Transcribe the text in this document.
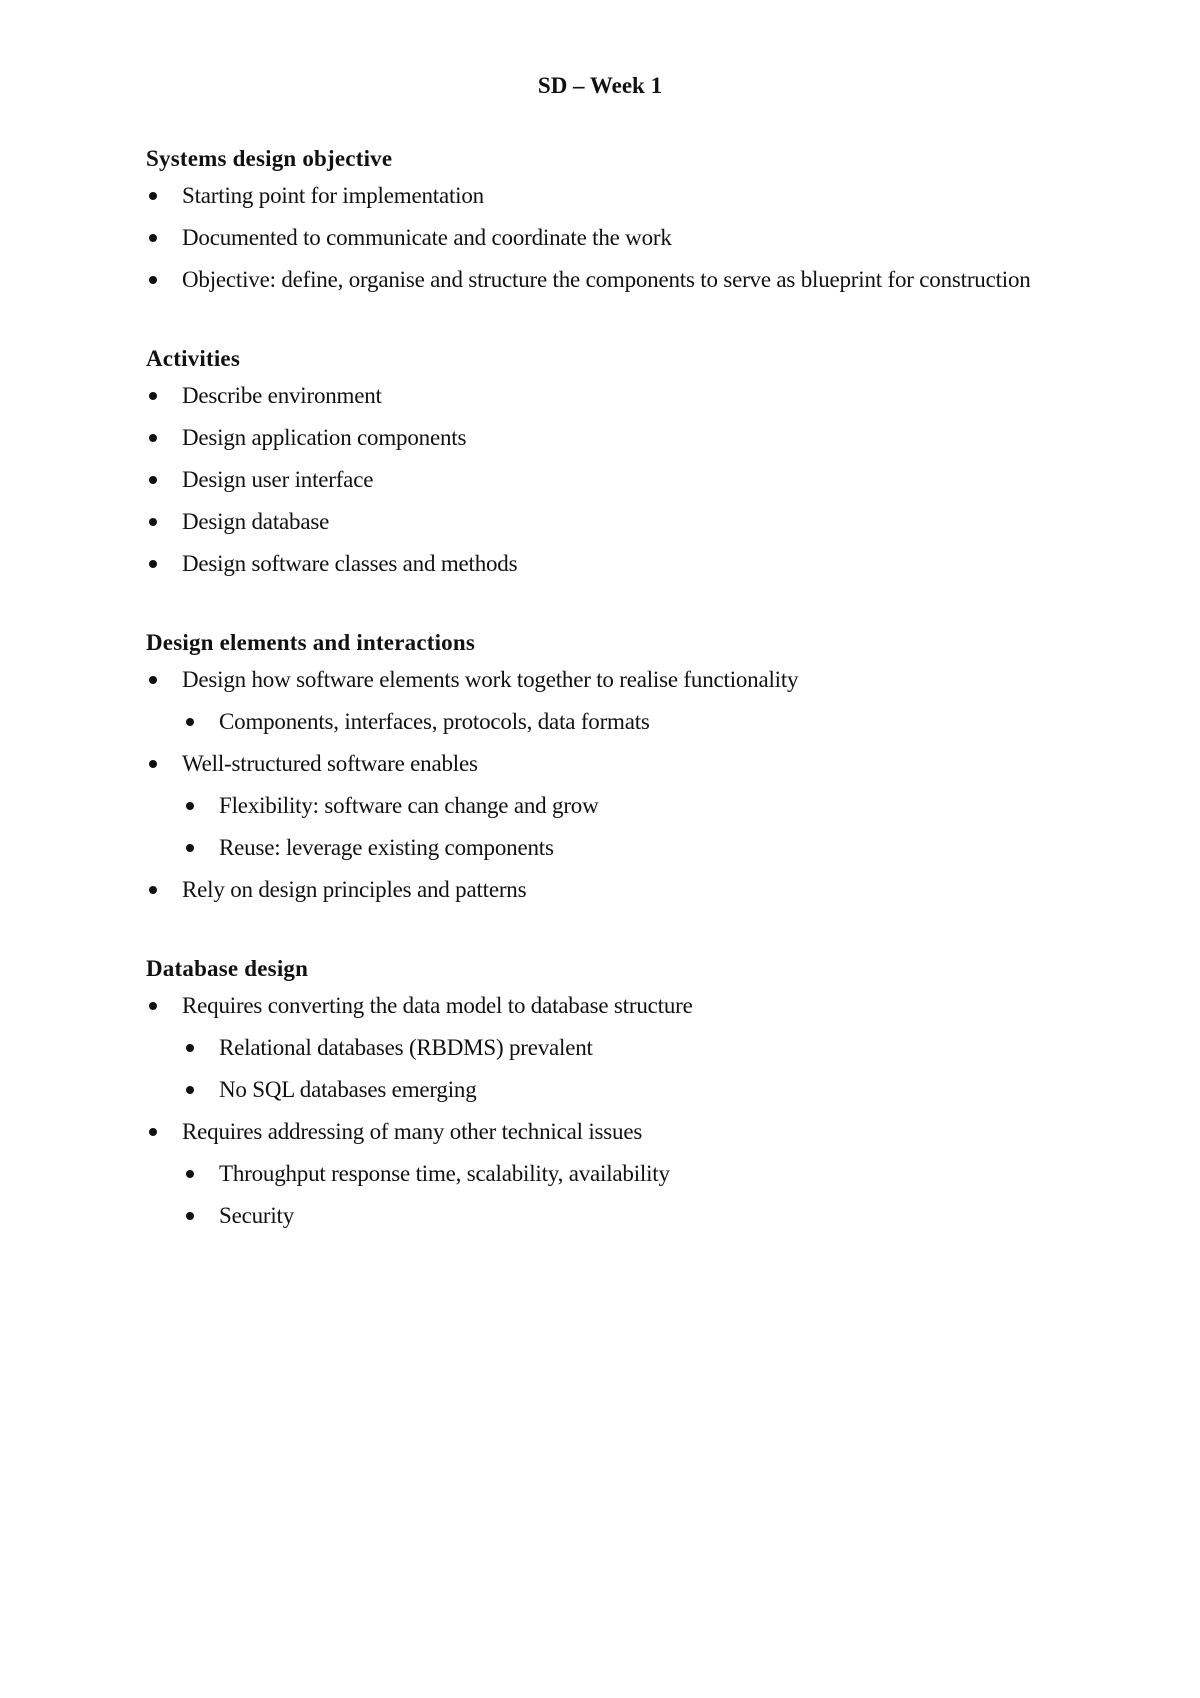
SD – Week 1
Systems design objective
Starting point for implementation
Documented to communicate and coordinate the work
Objective: define, organise and structure the components to serve as blueprint for construction
Activities
Describe environment
Design application components
Design user interface
Design database
Design software classes and methods
Design elements and interactions
Design how software elements work together to realise functionality
Components, interfaces, protocols, data formats
Well-structured software enables
Flexibility: software can change and grow
Reuse: leverage existing components
Rely on design principles and patterns
Database design
Requires converting the data model to database structure
Relational databases (RBDMS) prevalent
No SQL databases emerging
Requires addressing of many other technical issues
Throughput response time, scalability, availability
Security
